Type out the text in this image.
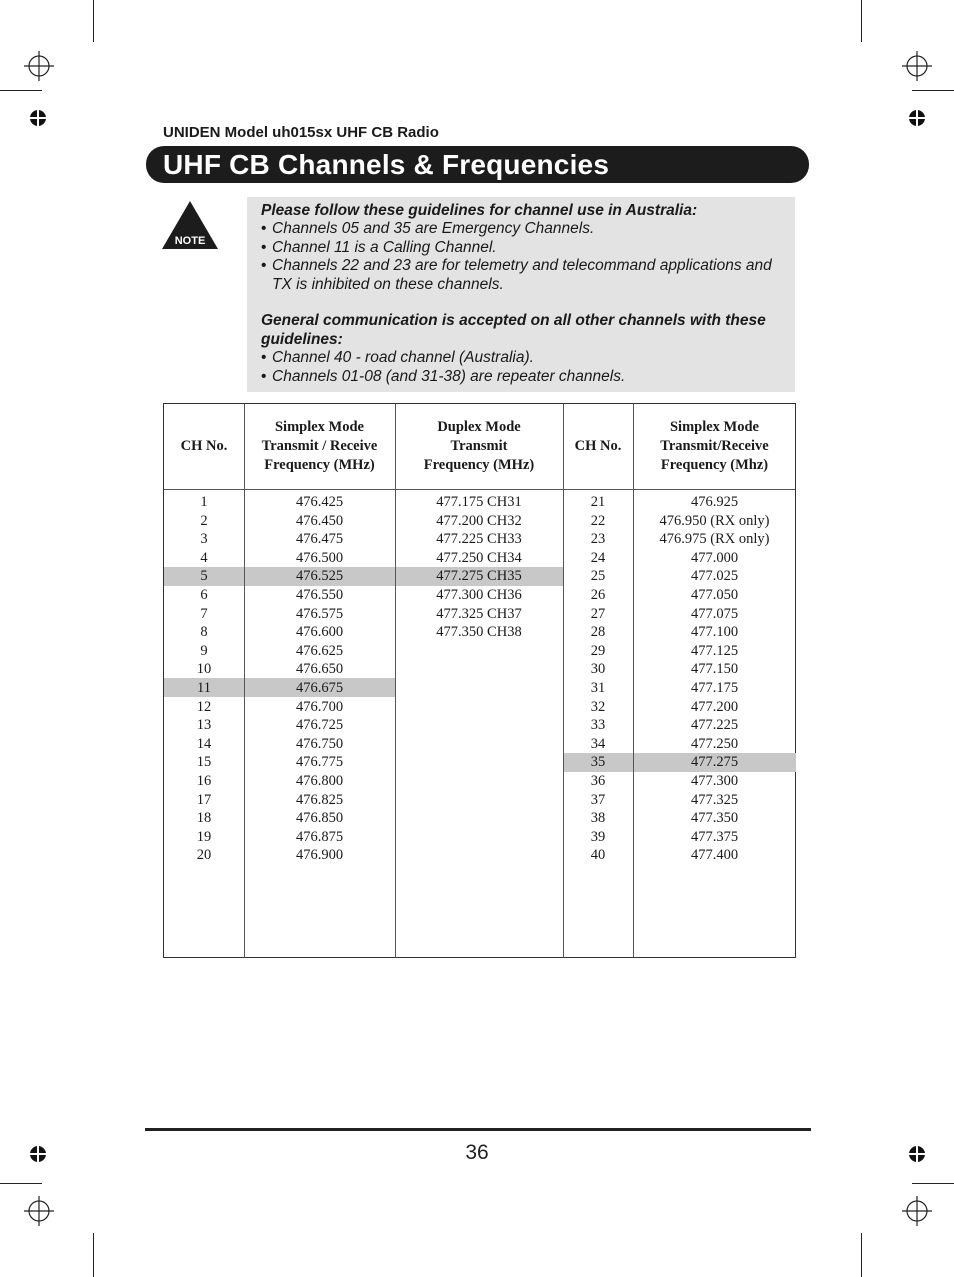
UNIDEN Model uh015sx UHF CB Radio
UHF CB Channels & Frequencies
NOTE
Please follow these guidelines for channel use in Australia:
• Channels 05 and 35 are Emergency Channels.
• Channel 11 is a Calling Channel.
• Channels 22 and 23 are for telemetry and telecommand applications and TX is inhibited on these channels.
General communication is accepted on all other channels with these guidelines:
• Channel 40 - road channel (Australia).
• Channels 01-08 (and 31-38) are repeater channels.
CH No.
Simplex Mode
Transmit / Receive
Frequency (MHz)
Duplex Mode
Transmit
Frequency (MHz)
CH No.
Simplex Mode
Transmit/Receive
Frequency (Mhz)
1
2
3
4
5
6
7
8
9
10
11
12
13
14
15
16
17
18
19
20
476.425
476.450
476.475
476.500
476.525
476.550
476.575
476.600
476.625
476.650
476.675
476.700
476.725
476.750
476.775
476.800
476.825
476.850
476.875
476.900
477.175 CH31
477.200 CH32
477.225 CH33
477.250 CH34
477.275 CH35
477.300 CH36
477.325 CH37
477.350 CH38
21
22
23
24
25
26
27
28
29
30
31
32
33
34
35
36
37
38
39
40
476.925
476.950 (RX only)
476.975 (RX only)
477.000
477.025
477.050
477.075
477.100
477.125
477.150
477.175
477.200
477.225
477.250
477.275
477.300
477.325
477.350
477.375
477.400
36
